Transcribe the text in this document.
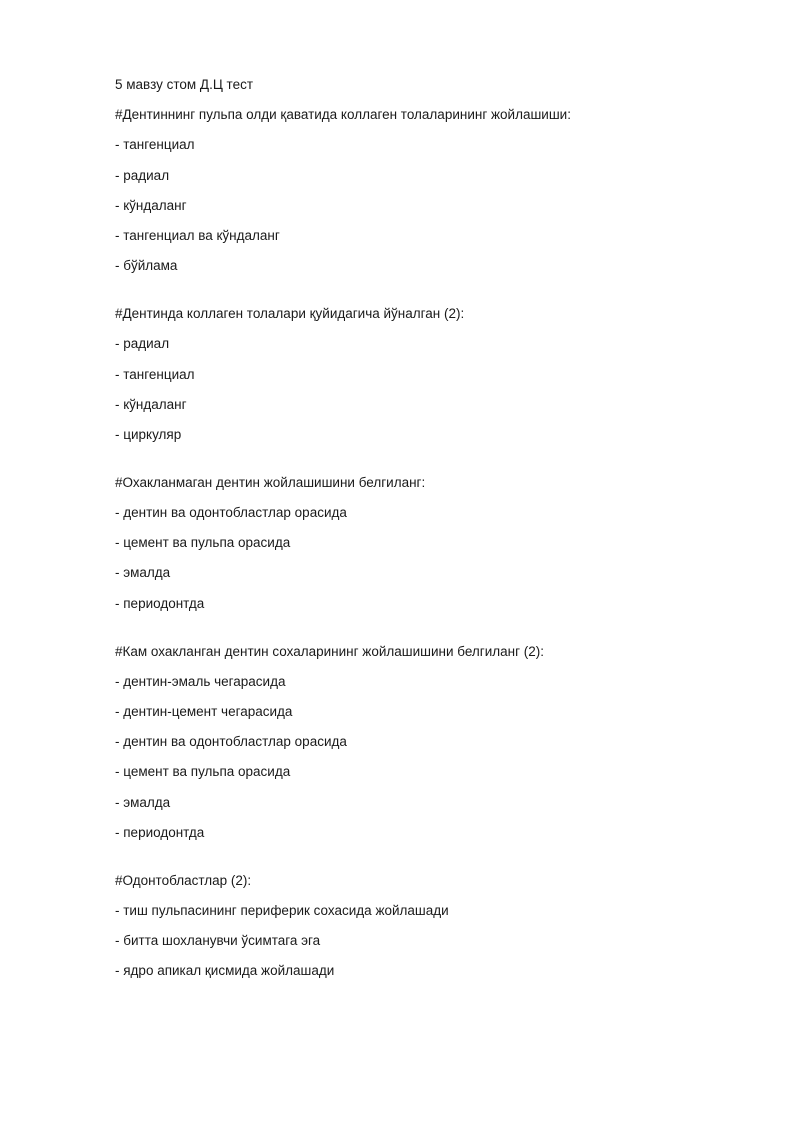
5 мавзу стом Д.Ц тест
#Дентиннинг пульпа олди қаватида коллаген толаларининг жойлашиши:
- тангенциал
- радиал
- кўндаланг
- тангенциал ва кўндаланг
- бўйлама
#Дентинда коллаген толалари қуйидагича йўналган (2):
- радиал
- тангенциал
- кўндаланг
- циркуляр
#Охакланмаган дентин жойлашишини белгиланг:
- дентин ва одонтобластлар орасида
- цемент ва пульпа орасида
- эмалда
- периодонтда
#Кам охакланган дентин сохаларининг жойлашишини белгиланг (2):
- дентин-эмаль чегарасида
- дентин-цемент чегарасида
- дентин ва одонтобластлар орасида
- цемент ва пульпа орасида
- эмалда
- периодонтда
#Одонтобластлар (2):
- тиш пульпасининг периферик сохасида жойлашади
- битта шохланувчи ўсимтага эга
- ядро апикал қисмида жойлашади
